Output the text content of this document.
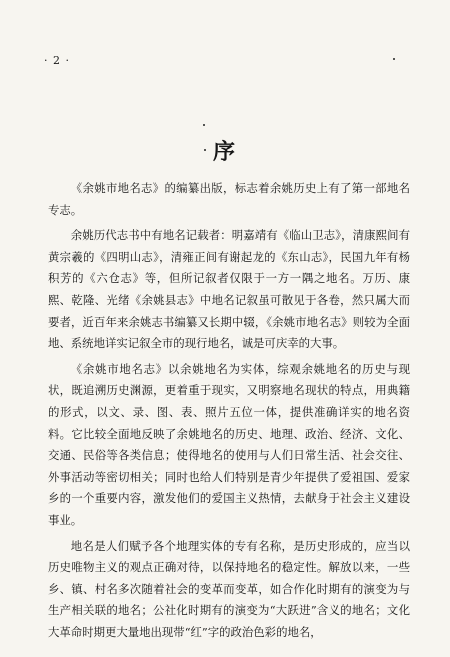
· 2 ·
序

《余姚市地名志》的编纂出版，标志着余姚历史上有了第一部地名专志。

余姚历代志书中有地名记载者：明嘉靖有《临山卫志》，清康熙间有黄宗羲的《四明山志》，清雍正间有谢起龙的《东山志》，民国九年有杨积芳的《六仓志》等，但所记叙者仅限于一方一隅之地名。万历、康熙、乾隆、光绪《余姚县志》中地名记叙虽可散见于各卷，然只属大而要者，近百年来余姚志书编纂又长期中辍，《余姚市地名志》则较为全面地、系统地详实记叙全市的现行地名，诚是可庆幸的大事。

《余姚市地名志》以余姚地名为实体，综观余姚地名的历史与现状，既追溯历史渊源，更着重于现实，又明察地名现状的特点，用典籍的形式，以文、录、图、表、照片五位一体，提供准确详实的地名资料。它比较全面地反映了余姚地名的历史、地理、政治、经济、文化、交通、民俗等各类信息；使得地名的使用与人们日常生活、社会交往、外事活动等密切相关；同时也给人们特别是青少年提供了爱祖国、爱家乡的一个重要内容，激发他们的爱国主义热情，去献身于社会主义建设事业。

地名是人们赋予各个地理实体的专有名称，是历史形成的，应当以历史唯物主义的观点正确对待，以保持地名的稳定性。解放以来，一些乡、镇、村名多次随着社会的变革而变革，如合作化时期有的演变为与生产相关联的地名；公社化时期有的演变为“大跃进”含义的地名；文化大革命时期更大量地出现带“红”字的政治色彩的地名，
